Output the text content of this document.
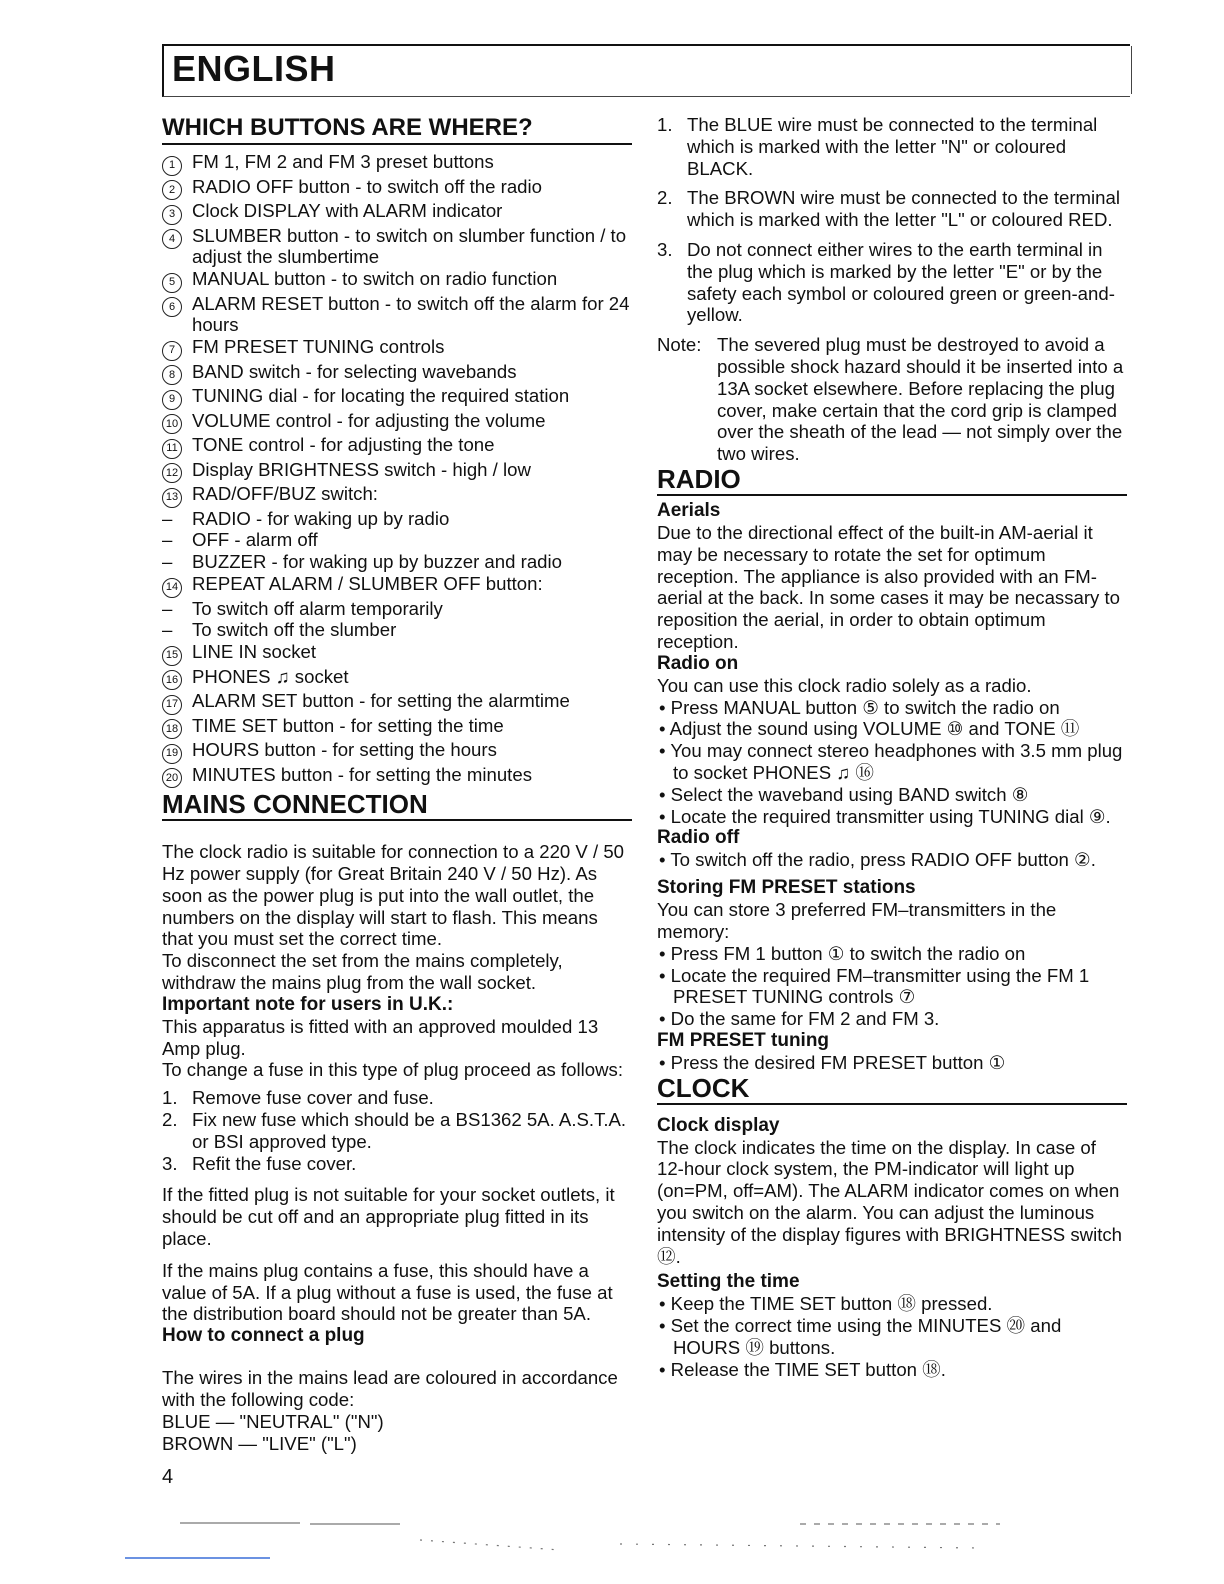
ENGLISH
WHICH BUTTONS ARE WHERE?
1 FM 1, FM 2 and FM 3 preset buttons
2 RADIO OFF button - to switch off the radio
3 Clock DISPLAY with ALARM indicator
4 SLUMBER button - to switch on slumber function / to adjust the slumbertime
5 MANUAL button - to switch on radio function
6 ALARM RESET button - to switch off the alarm for 24 hours
7 FM PRESET TUNING controls
8 BAND switch - for selecting wavebands
9 TUNING dial - for locating the required station
10 VOLUME control - for adjusting the volume
11 TONE control - for adjusting the tone
12 Display BRIGHTNESS switch - high / low
13 RAD/OFF/BUZ switch:
–	RADIO - for waking up by radio
–	OFF - alarm off
–	BUZZER - for waking up by buzzer and radio
14 REPEAT ALARM / SLUMBER OFF button:
–	To switch off alarm temporarily
–	To switch off the slumber
15 LINE IN socket
16 PHONES ♫ socket
17 ALARM SET button - for setting the alarmtime
18 TIME SET button - for setting the time
19 HOURS button - for setting the hours
20 MINUTES button - for setting the minutes
MAINS CONNECTION

The clock radio is suitable for connection to a 220 V / 50 Hz power supply (for Great Britain 240 V / 50 Hz). As soon as the power plug is put into the wall outlet, the numbers on the display will start to flash. This means that you must set the correct time.

To disconnect the set from the mains completely, withdraw the mains plug from the wall socket.

Important note for users in U.K.:

This apparatus is fitted with an approved moulded 13 Amp plug.

To change a fuse in this type of plug proceed as follows:

1. Remove fuse cover and fuse.
2. Fix new fuse which should be a BS1362 5A. A.S.T.A. or BSI approved type.
3. Refit the fuse cover.

If the fitted plug is not suitable for your socket outlets, it should be cut off and an appropriate plug fitted in its place.

If the mains plug contains a fuse, this should have a value of 5A. If a plug without a fuse is used, the fuse at the distribution board should not be greater than 5A.

How to connect a plug

The wires in the mains lead are coloured in accordance with the following code:

BLUE — "NEUTRAL" ("N")

BROWN — "LIVE" ("L")

1. The BLUE wire must be connected to the terminal which is marked with the letter "N" or coloured BLACK.
2. The BROWN wire must be connected to the terminal which is marked with the letter "L" or coloured RED.
3. Do not connect either wires to the earth terminal in the plug which is marked by the letter "E" or by the safety each symbol or coloured green or green-and-yellow.
Note: The severed plug must be destroyed to avoid a possible shock hazard should it be inserted into a 13A socket elsewhere. Before replacing the plug cover, make certain that the cord grip is clamped over the sheath of the lead — not simply over the two wires.
RADIO
Aerials

Due to the directional effect of the built-in AM-aerial it may be necessary to rotate the set for optimum reception. The appliance is also provided with an FM-aerial at the back. In some cases it may be necassary to reposition the aerial, in order to obtain optimum reception.

Radio on

You can use this clock radio solely as a radio.

• Press MANUAL button ⑤ to switch the radio on

• Adjust the sound using VOLUME ⑩ and TONE ⑪

• You may connect stereo headphones with 3.5 mm plug to socket PHONES ♫ ⑯

• Select the waveband using BAND switch ⑧

• Locate the required transmitter using TUNING dial ⑨.

Radio off

• To switch off the radio, press RADIO OFF button ②.

Storing FM PRESET stations

You can store 3 preferred FM–transmitters in the memory:

• Press FM 1 button ① to switch the radio on

• Locate the required FM–transmitter using the FM 1 PRESET TUNING controls ⑦

• Do the same for FM 2 and FM 3.

FM PRESET tuning

• Press the desired FM PRESET button ①

CLOCK
Clock display

The clock indicates the time on the display. In case of 12-hour clock system, the PM-indicator will light up (on=PM, off=AM). The ALARM indicator comes on when you switch on the alarm. You can adjust the luminous intensity of the display figures with BRIGHTNESS switch ⑫.

Setting the time

• Keep the TIME SET button ⑱ pressed.

• Set the correct time using the MINUTES ⑳ and HOURS ⑲ buttons.

• Release the TIME SET button ⑱.

4
